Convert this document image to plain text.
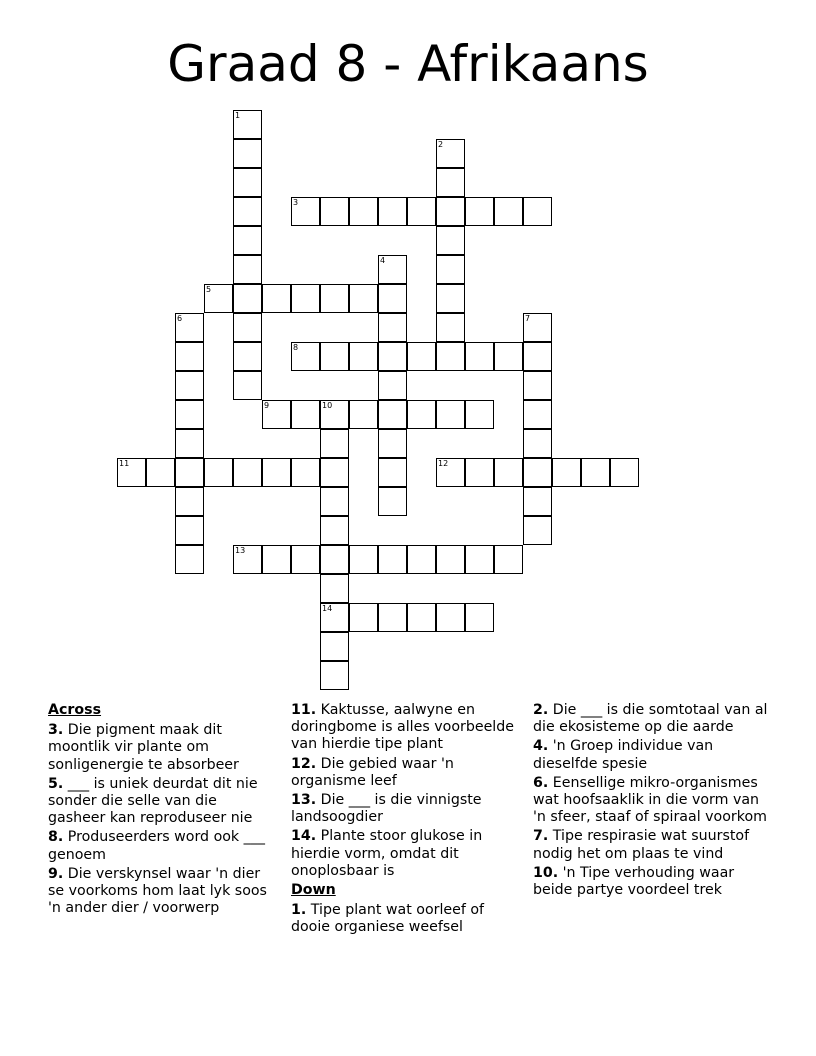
Graad 8 - Afrikaans
1
2
3
4
5
6	7
8
9	10
14
11	12
13
Across
3. Die pigment maak dit moontlik vir plante om sonligenergie te absorbeer
5. ___ is uniek deurdat dit nie sonder die selle van die gasheer kan reproduseer nie
8. Produseerders word ook ___ genoem
9. Die verskynsel waar 'n dier se voorkoms hom laat lyk soos 'n ander dier / voorwerp
11. Kaktusse, aalwyne en doringbome is alles voorbeelde van hierdie tipe plant
12. Die gebied waar 'n organisme leef
13. Die ___ is die vinnigste landsoogdier
14. Plante stoor glukose in hierdie vorm, omdat dit onoplosbaar is
Down
1. Tipe plant wat oorleef of dooie organiese weefsel
2. Die ___ is die somtotaal van al die ekosisteme op die aarde
4. 'n Groep individue van dieselfde spesie
6. Eensellige mikro-organismes wat hoofsaaklik in die vorm van 'n sfeer, staaf of spiraal voorkom
7. Tipe respirasie wat suurstof nodig het om plaas te vind
10. 'n Tipe verhouding waar beide partye voordeel trek
